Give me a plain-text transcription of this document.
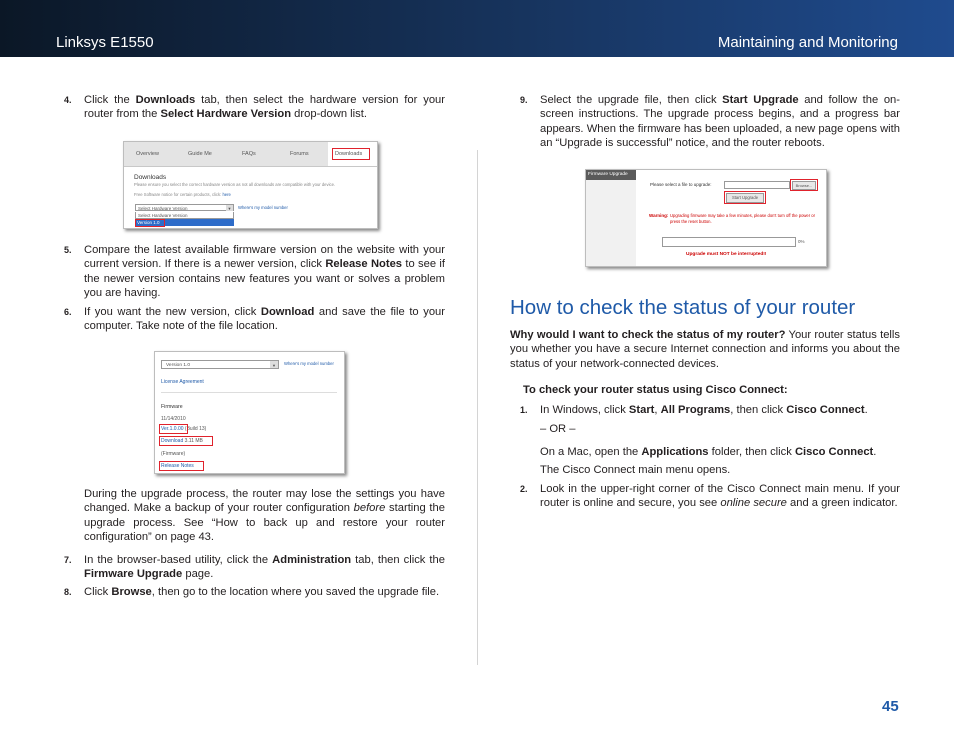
Linksys E1550	Maintaining and Monitoring
4. Click the Downloads tab, then select the hardware version for your router from the Select Hardware Version drop-down list.
Overview	Guide Me	FAQs	Forums	Downloads
Downloads
Please ensure you select the correct hardware version as not all downloads are compatible with your device.
Free Software notice for certain products, click: here
Select Hardware Version	▼	Where's my model number
Select Hardware Version
Version 1.0
5. Compare the latest available firmware version on the website with your current version. If there is a newer version, click Release Notes to see if the newer version contains new features you want or solves a problem you are having.
6. If you want the new version, click Download and save the file to your computer. Take note of the file location.
Version 1.0	▼	Where's my model number
License Agreement
Firmware
11/14/2010
Ver.1.0.00 (Build 13)
Download 3.11 MB
(Firmware)
Release Notes
During the upgrade process, the router may lose the settings you have changed. Make a backup of your router configuration before starting the upgrade process. See “How to back up and restore your router configuration” on page 43.
7. In the browser-based utility, click the Administration tab, then click the Firmware Upgrade page.
8. Click Browse, then go to the location where you saved the upgrade file.
9. Select the upgrade file, then click Start Upgrade and follow the on-screen instructions. The upgrade process begins, and a progress bar appears. When the firmware has been uploaded, a new page opens with an “Upgrade is successful” notice, and the router reboots.
Firmware Upgrade
Please select a file to upgrade:	Browse...
Start Upgrade
Warning: Upgrading firmware may take a few minutes, please don't turn off the power or press the reset button.
0%
Upgrade must NOT be interrupted!!
How to check the status of your router
Why would I want to check the status of my router? Your router status tells you whether you have a secure Internet connection and informs you about the status of your network-connected devices.
To check your router status using Cisco Connect:
1. In Windows, click Start, All Programs, then click Cisco Connect.
– OR –
On a Mac, open the Applications folder, then click Cisco Connect.
The Cisco Connect main menu opens.
2. Look in the upper-right corner of the Cisco Connect main menu. If your router is online and secure, you see online secure and a green indicator.
45
